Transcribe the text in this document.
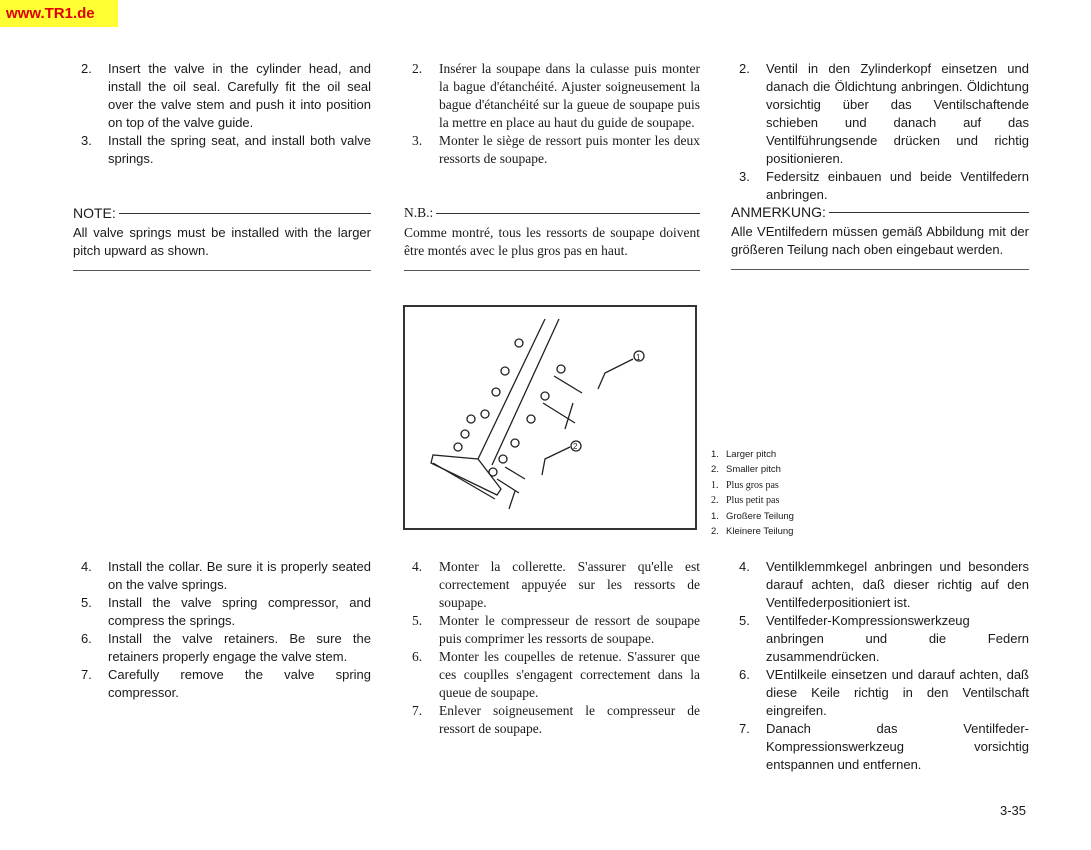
www.TR1.de
2. Insert the valve in the cylinder head, and install the oil seal. Carefully fit the oil seal over the valve stem and push it into position on top of the valve guide.
3. Install the spring seat, and install both valve springs.
NOTE:
All valve springs must be installed with the larger pitch upward as shown.
4. Install the collar. Be sure it is properly seated on the valve springs.
5. Install the valve spring compressor, and compress the springs.
6. Install the valve retainers. Be sure the retainers properly engage the valve stem.
7. Carefully remove the valve spring compressor.
2. Insérer la soupape dans la culasse puis monter la bague d'étanchéité. Ajuster soigneusement la bague d'étanchéité sur la gueue de soupape puis la mettre en place au haut du guide de soupape.
3. Monter le siège de ressort puis monter les deux ressorts de soupape.
N.B.:
Comme montré, tous les ressorts de soupape doivent être montés avec le plus gros pas en haut.
4. Monter la collerette. S'assurer qu'elle est correctement appuyée sur les ressorts de soupape.
5. Monter le compresseur de ressort de soupape puis comprimer les ressorts de soupape.
6. Monter les coupelles de retenue. S'assurer que ces couplles s'engagent correctement dans la queue de soupape.
7. Enlever soigneusement le compresseur de ressort de soupape.
2. Ventil in den Zylinderkopf einsetzen und danach die Öldichtung anbringen. Öldichtung vorsichtig über das Ventilschaftende schieben und danach auf das Ventilführungsende drücken und richtig positionieren.
3. Federsitz einbauen und beide Ventilfedern anbringen.
ANMERKUNG:
Alle VEntilfedern müssen gemäß Abbildung mit der größeren Teilung nach oben eingebaut werden.
4. Ventilklemmkegel anbringen und besonders darauf achten, daß dieser richtig auf den Ventilfederpositioniert ist.
5. Ventilfeder-Kompressionswerkzeug anbringen und die Federn zusammendrücken.
6. VEntilkeile einsetzen und darauf achten, daß diese Keile richtig in den Ventilschaft eingreifen.
7. Danach das Ventilfeder-Kompressionswerkzeug vorsichtig entspannen und entfernen.
1
2
1. Larger pitch
2. Smaller pitch
1. Plus gros pas
2. Plus petit pas
1. Großere Teilung
2. Kleinere Teilung
3-35
